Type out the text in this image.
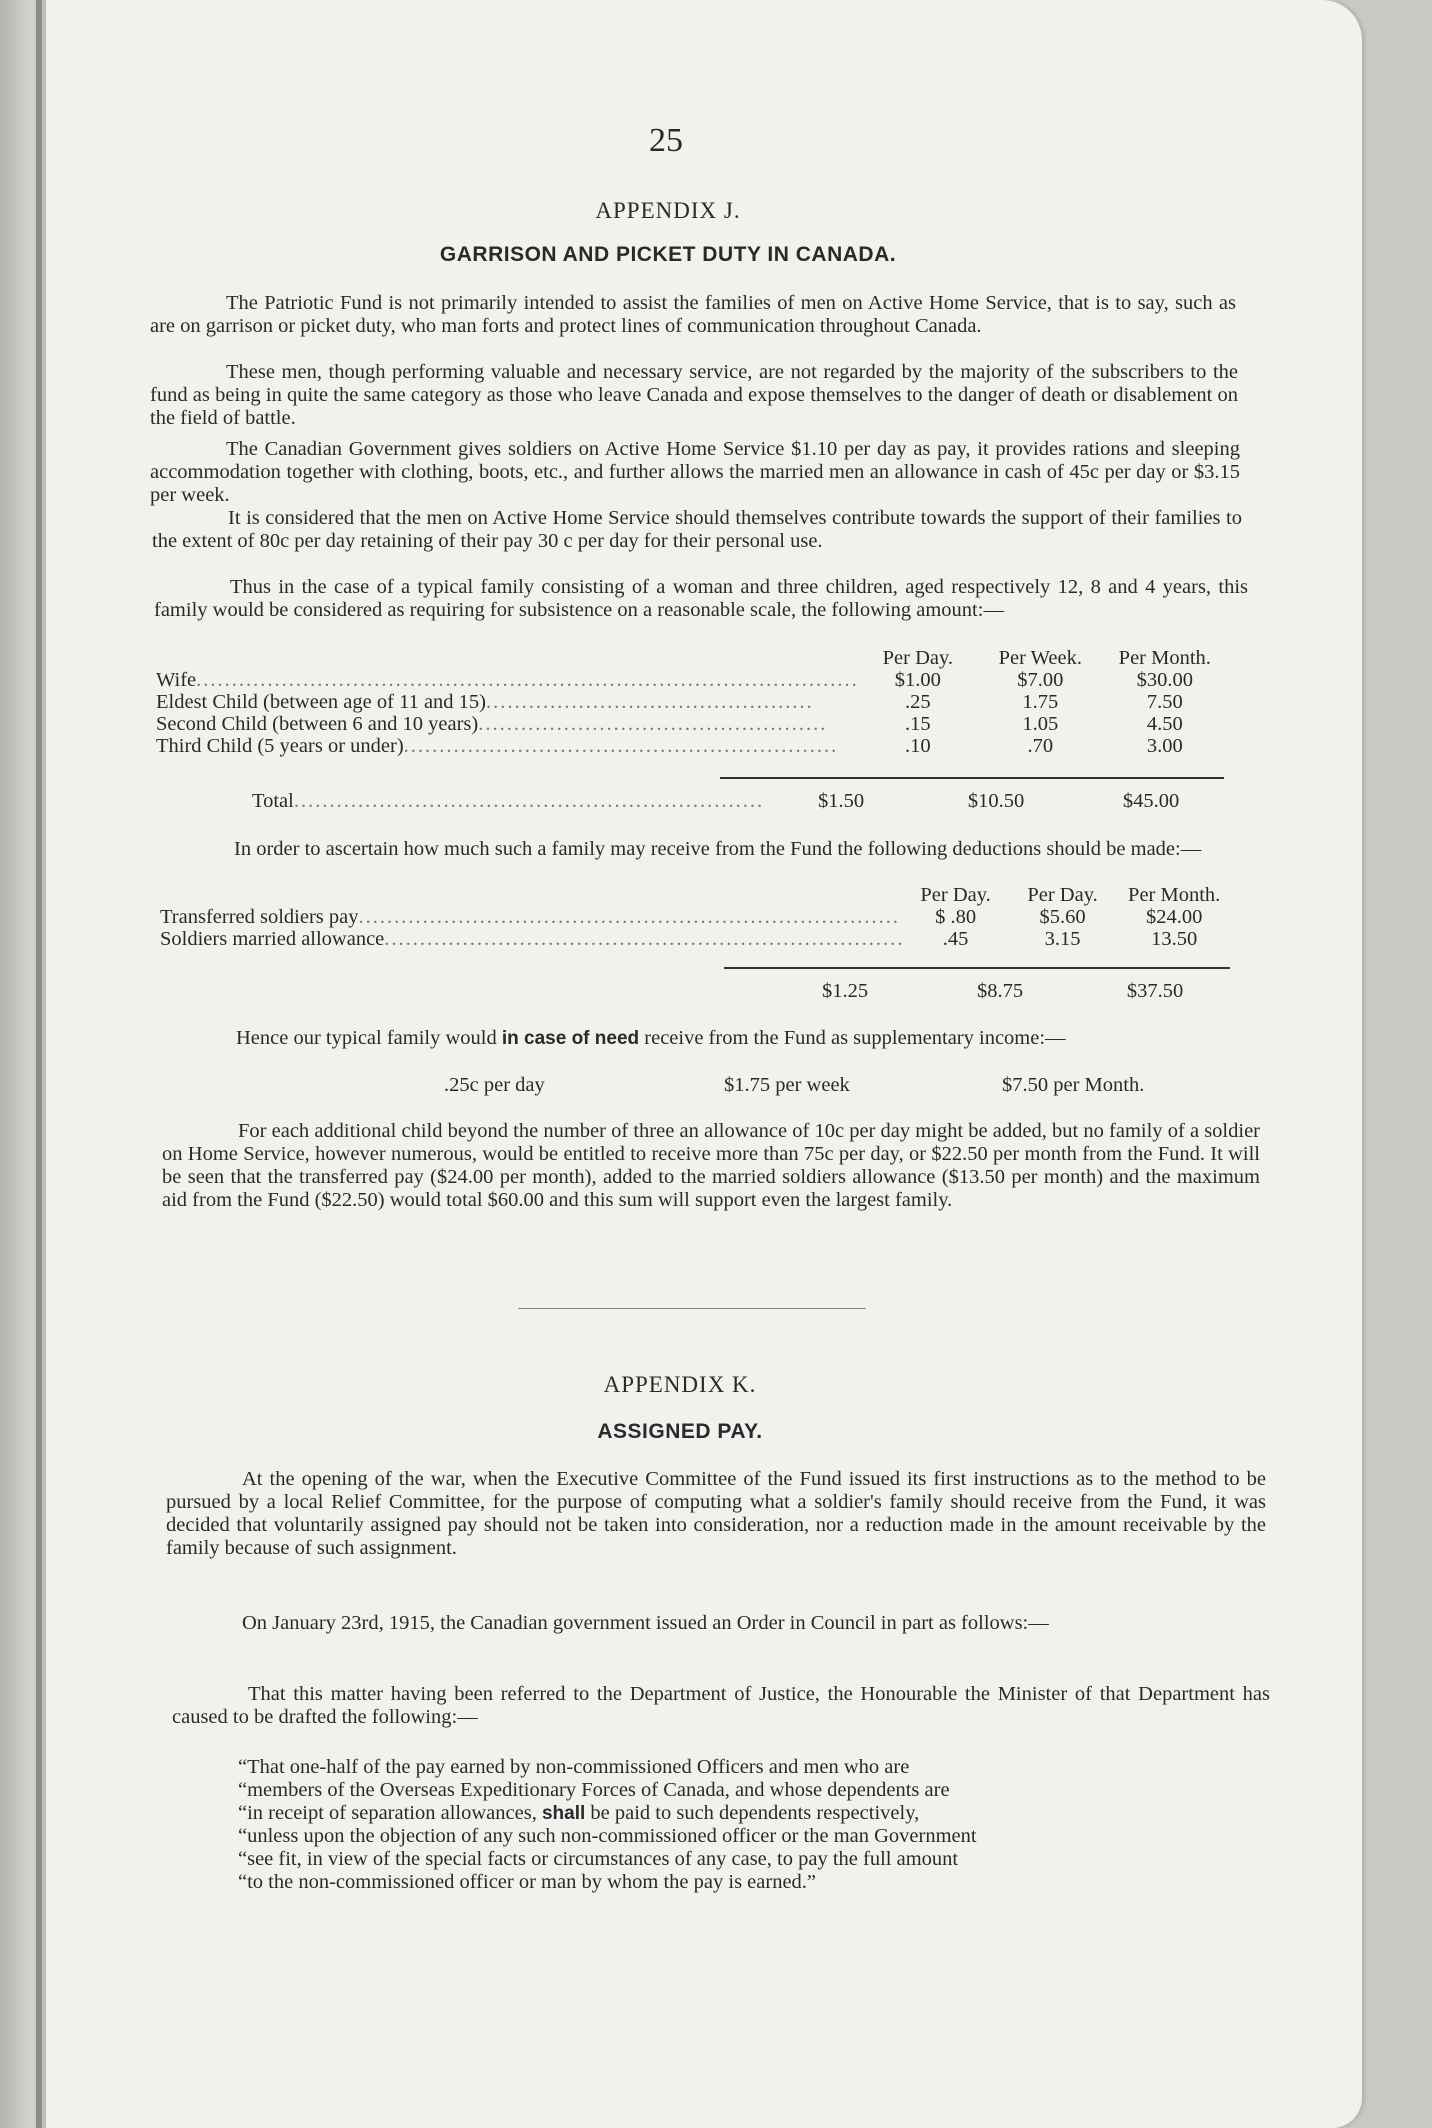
25
APPENDIX J.
GARRISON AND PICKET DUTY IN CANADA.
The Patriotic Fund is not primarily intended to assist the families of men on Active Home Service, that is to say, such as are on garrison or picket duty, who man forts and protect lines of communication throughout Canada.
These men, though performing valuable and necessary service, are not regarded by the majority of the subscribers to the fund as being in quite the same category as those who leave Canada and expose themselves to the danger of death or disablement on the field of battle.
The Canadian Government gives soldiers on Active Home Service $1.10 per day as pay, it provides rations and sleeping accommodation together with clothing, boots, etc., and further allows the married men an allowance in cash of 45c per day or $3.15 per week.
It is considered that the men on Active Home Service should themselves contribute towards the support of their families to the extent of 80c per day retaining of their pay 30 c per day for their personal use.
Thus in the case of a typical family consisting of a woman and three children, aged respectively 12, 8 and 4 years, this family would be considered as requiring for subsistence on a reasonable scale, the following amount:—
	Per Day.	Per Week.	Per Month.
Wife.............................................................................................	$1.00	$7.00	$30.00
Eldest Child (between age of 11 and 15)..............................................	.25	1.75	7.50
Second Child (between 6 and 10 years).................................................	.15	1.05	4.50
Third Child (5 years or under).............................................................	.10	.70	3.00
Total..................................................................	$1.50	$10.50	$45.00
In order to ascertain how much such a family may receive from the Fund the following deductions should be made:—
	Per Day.	Per Day.	Per Month.
Transferred soldiers pay............................................................................	$ .80	$5.60	$24.00
Soldiers married allowance.........................................................................	.45	3.15	13.50
	$1.25	$8.75	$37.50
Hence our typical family would in case of need receive from the Fund as supplementary income:—
.25c per day	$1.75 per week	$7.50 per Month.
For each additional child beyond the number of three an allowance of 10c per day might be added, but no family of a soldier on Home Service, however numerous, would be entitled to receive more than 75c per day, or $22.50 per month from the Fund. It will be seen that the transferred pay ($24.00 per month), added to the married soldiers allowance ($13.50 per month) and the maximum aid from the Fund ($22.50) would total $60.00 and this sum will support even the largest family.
APPENDIX K.
ASSIGNED PAY.
At the opening of the war, when the Executive Committee of the Fund issued its first instructions as to the method to be pursued by a local Relief Committee, for the purpose of computing what a soldier's family should receive from the Fund, it was decided that voluntarily assigned pay should not be taken into consideration, nor a reduction made in the amount receivable by the family because of such assignment.
On January 23rd, 1915, the Canadian government issued an Order in Council in part as follows:—
That this matter having been referred to the Department of Justice, the Honourable the Minister of that Department has caused to be drafted the following:—
“That one-half of the pay earned by non-commissioned Officers and men who are
“members of the Overseas Expeditionary Forces of Canada, and whose dependents are
“in receipt of separation allowances, shall be paid to such dependents respectively,
“unless upon the objection of any such non-commissioned officer or the man Government
“see fit, in view of the special facts or circumstances of any case, to pay the full amount
“to the non-commissioned officer or man by whom the pay is earned.”
